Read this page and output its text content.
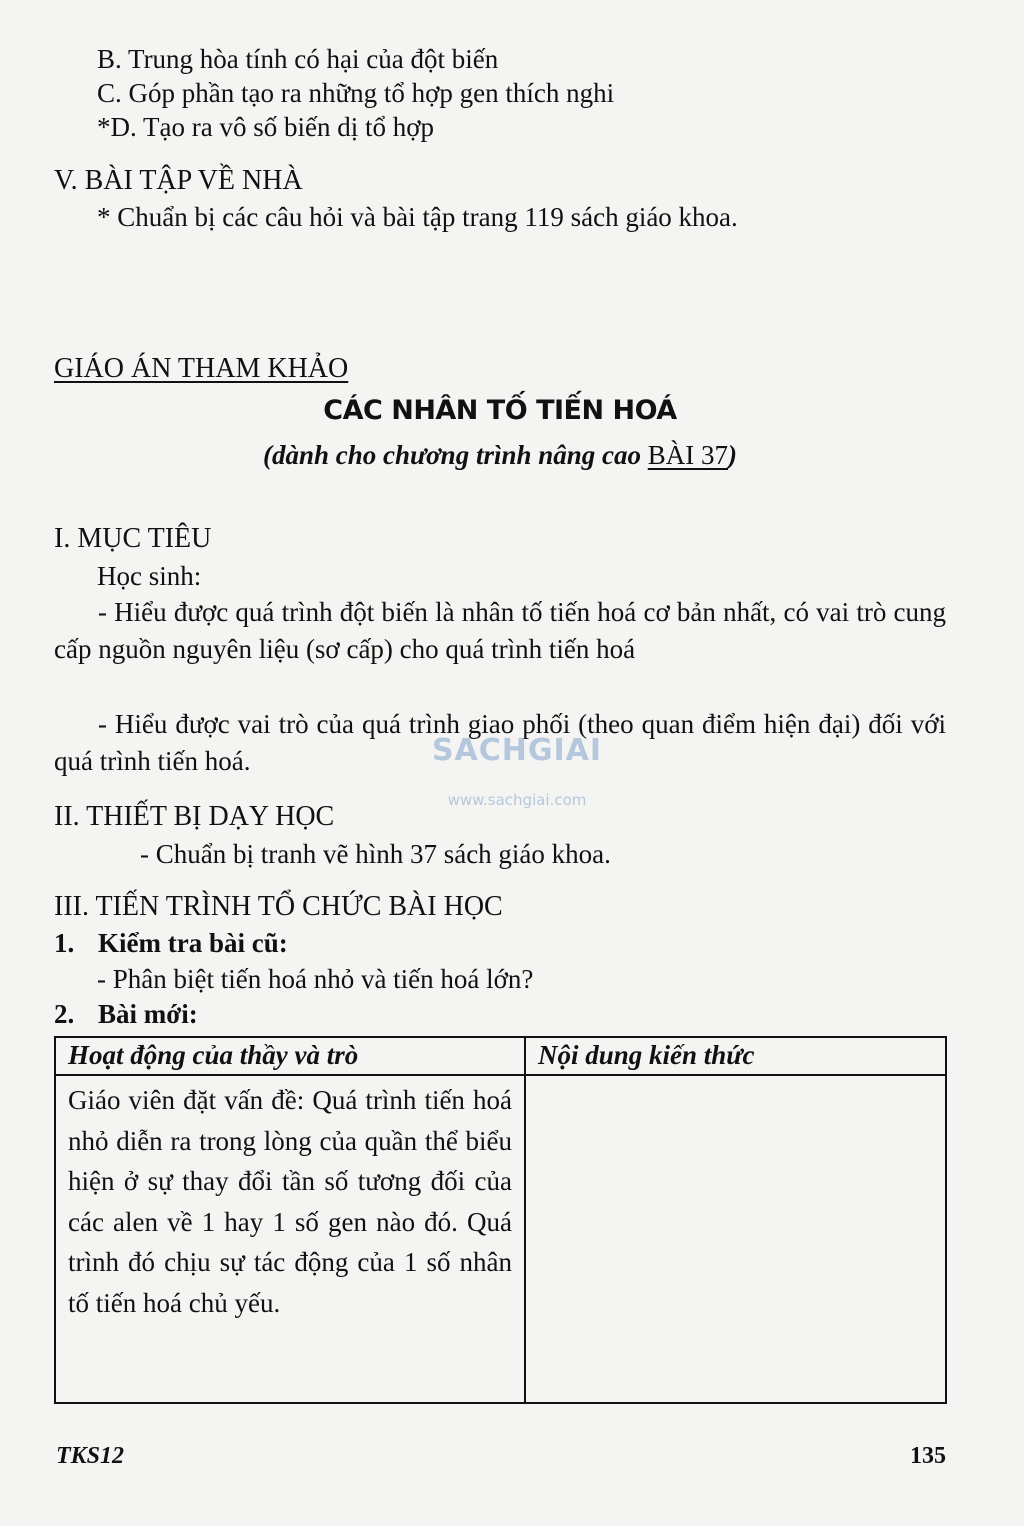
B. Trung hòa tính có hại của đột biến
C. Góp phần tạo ra những tổ hợp gen thích nghi
*D. Tạo ra vô số biến dị tổ hợp
V. BÀI TẬP VỀ NHÀ
* Chuẩn bị các câu hỏi và bài tập trang 119 sách giáo khoa.
GIÁO ÁN THAM KHẢO
CÁC NHÂN TỐ TIẾN HOÁ
(dành cho chương trình nâng cao BÀI 37)
I. MỤC TIÊU
Học sinh:
- Hiểu được quá trình đột biến là nhân tố tiến hoá cơ bản nhất, có vai trò cung cấp nguồn nguyên liệu (sơ cấp) cho quá trình tiến hoá
- Hiểu được vai trò của quá trình giao phối (theo quan điểm hiện đại) đối với quá trình tiến hoá.
II. THIẾT BỊ DẠY HỌC
- Chuẩn bị tranh vẽ hình 37 sách giáo khoa.
III. TIẾN TRÌNH TỔ CHỨC BÀI HỌC
1. Kiểm tra bài cũ:
- Phân biệt tiến hoá nhỏ và tiến hoá lớn?
2. Bài mới:
Hoạt động của thầy và trò	Nội dung kiến thức
Giáo viên đặt vấn đề: Quá trình tiến hoá nhỏ diễn ra trong lòng của quần thể biểu hiện ở sự thay đổi tần số tương đối của các alen về 1 hay 1 số gen nào đó. Quá trình đó chịu sự tác động của 1 số nhân tố tiến hoá chủ yếu.	
SACHGIAI
www.sachgiai.com
TKS12	135
